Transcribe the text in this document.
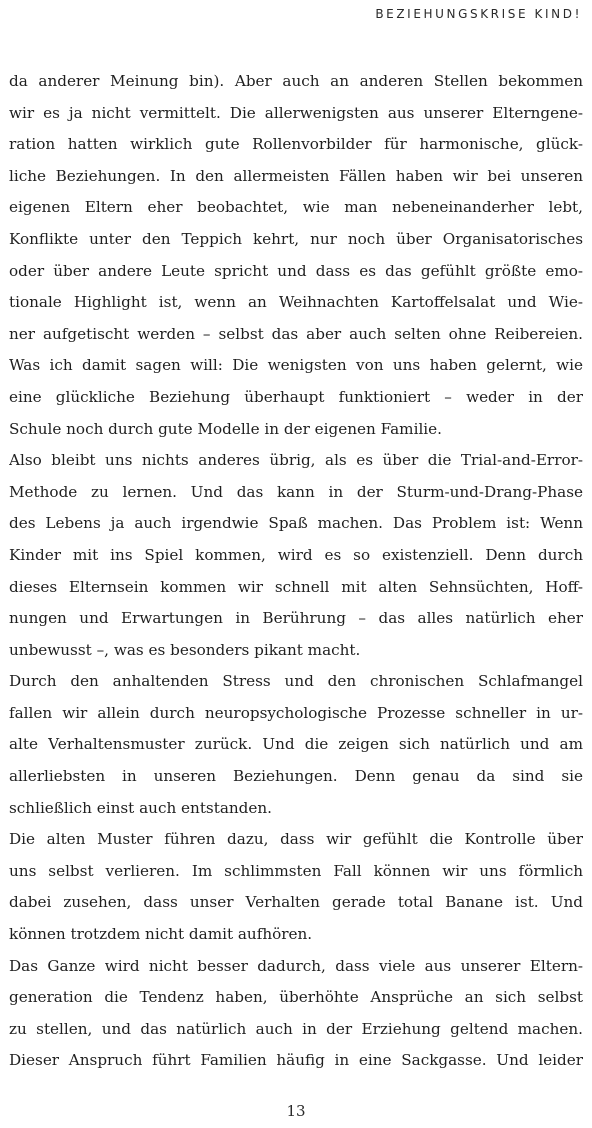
BEZIEHUNGSKRISE KIND!
da anderer Meinung bin). Aber auch an anderen Stellen bekommen
wir es ja nicht vermittelt. Die allerwenigsten aus unserer Elterngene-
ration hatten wirklich gute Rollenvorbilder für harmonische, glück-
liche Beziehungen. In den allermeisten Fällen haben wir bei unseren
eigenen Eltern eher beobachtet, wie man nebeneinanderher lebt,
Konflikte unter den Teppich kehrt, nur noch über Organisatorisches
oder über andere Leute spricht und dass es das gefühlt größte emo-
tionale Highlight ist, wenn an Weihnachten Kartoffelsalat und Wie-
ner aufgetischt werden – selbst das aber auch selten ohne Reibereien.
Was ich damit sagen will: Die wenigsten von uns haben gelernt, wie
eine glückliche Beziehung überhaupt funktioniert – weder in der
Schule noch durch gute Modelle in der eigenen Familie.
Also bleibt uns nichts anderes übrig, als es über die Trial-and-Error-
Methode zu lernen. Und das kann in der Sturm-und-Drang-Phase
des Lebens ja auch irgendwie Spaß machen. Das Problem ist: Wenn
Kinder mit ins Spiel kommen, wird es so existenziell. Denn durch
dieses Elternsein kommen wir schnell mit alten Sehnsüchten, Hoff-
nungen und Erwartungen in Berührung – das alles natürlich eher
unbewusst –, was es besonders pikant macht.
Durch den anhaltenden Stress und den chronischen Schlafmangel
fallen wir allein durch neuropsychologische Prozesse schneller in ur-
alte Verhaltensmuster zurück. Und die zeigen sich natürlich und am
allerliebsten in unseren Beziehungen. Denn genau da sind sie
schließlich einst auch entstanden.
Die alten Muster führen dazu, dass wir gefühlt die Kontrolle über
uns selbst verlieren. Im schlimmsten Fall können wir uns förmlich
dabei zusehen, dass unser Verhalten gerade total Banane ist. Und
können trotzdem nicht damit aufhören.
Das Ganze wird nicht besser dadurch, dass viele aus unserer Eltern-
generation die Tendenz haben, überhöhte Ansprüche an sich selbst
zu stellen, und das natürlich auch in der Erziehung geltend machen.
Dieser Anspruch führt Familien häufig in eine Sackgasse. Und leider
13
